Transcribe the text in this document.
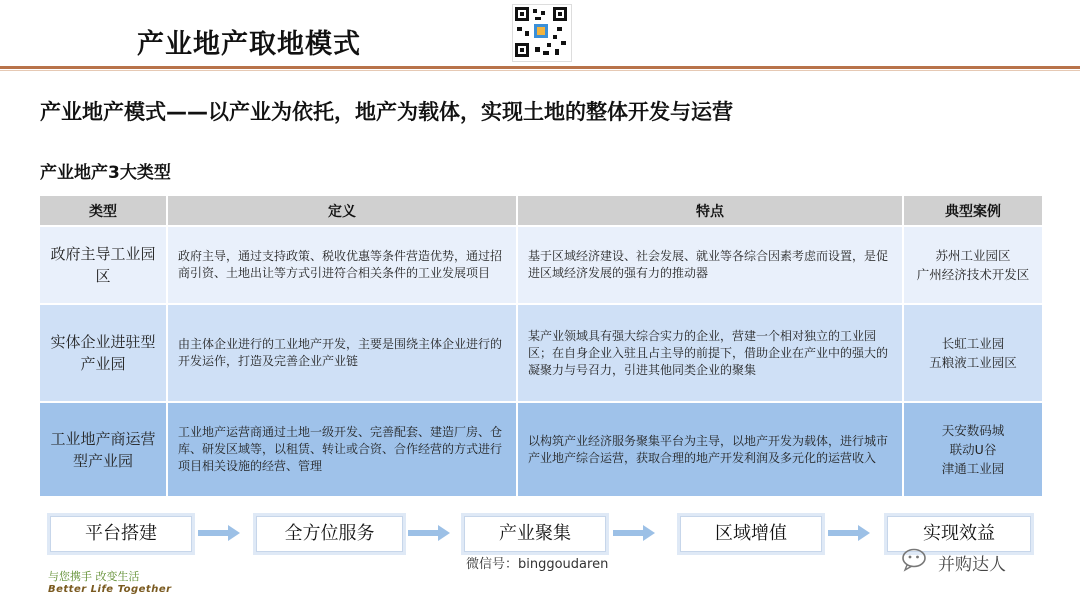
产业地产取地模式
产业地产模式——以产业为依托，地产为载体，实现土地的整体开发与运营
产业地产3大类型
类型	定义	特点	典型案例
政府主导工业园区	政府主导，通过支持政策、税收优惠等条件营造优势，通过招商引资、土地出让等方式引进符合相关条件的工业发展项目	基于区域经济建设、社会发展、就业等各综合因素考虑而设置，是促进区域经济发展的强有力的推动器	苏州工业园区
广州经济技术开发区

实体企业进驻型产业园	由主体企业进行的工业地产开发，主要是围绕主体企业进行的开发运作，打造及完善企业产业链	某产业领域具有强大综合实力的企业，营建一个相对独立的工业园区；在自身企业入驻且占主导的前提下，借助企业在产业中的强大的凝聚力与号召力，引进其他同类企业的聚集	长虹工业园
五粮液工业园区

工业地产商运营型产业园	工业地产运营商通过土地一级开发、完善配套、建造厂房、仓库、研发区域等，以租赁、转让或合资、合作经营的方式进行项目相关设施的经营、管理	以构筑产业经济服务聚集平台为主导，以地产开发为载体，进行城市产业地产综合运营，获取合理的地产开发利润及多元化的运营收入	天安数码城
联动U谷
津通工业园
平台搭建	全方位服务	产业聚集	区域增值	实现效益
微信号：binggoudaren
与您携手 改变生活
Better Life Together
并购达人
